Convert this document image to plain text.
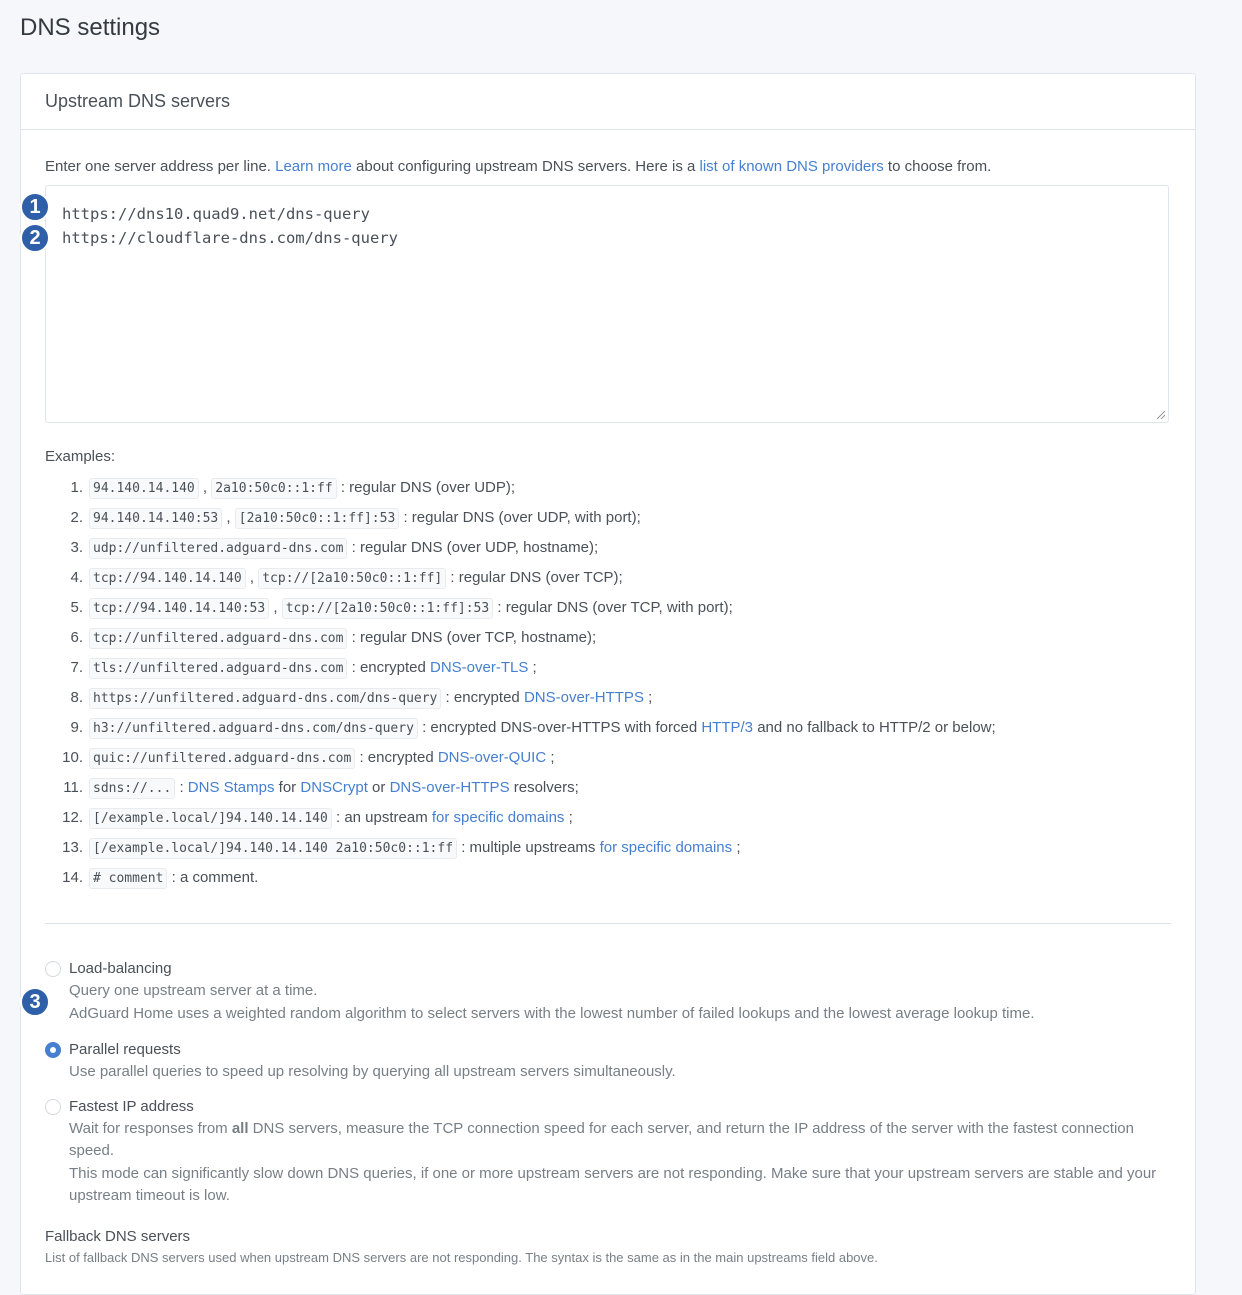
DNS settings
Upstream DNS servers
Enter one server address per line. Learn more about configuring upstream DNS servers. Here is a list of known DNS providers to choose from.
https://dns10.quad9.net/dns-query
https://cloudflare-dns.com/dns-query
Examples:
1. 94.140.14.140 , 2a10:50c0::1:ff : regular DNS (over UDP);
2. 94.140.14.140:53 , [2a10:50c0::1:ff]:53 : regular DNS (over UDP, with port);
3. udp://unfiltered.adguard-dns.com : regular DNS (over UDP, hostname);
4. tcp://94.140.14.140 , tcp://[2a10:50c0::1:ff] : regular DNS (over TCP);
5. tcp://94.140.14.140:53 , tcp://[2a10:50c0::1:ff]:53 : regular DNS (over TCP, with port);
6. tcp://unfiltered.adguard-dns.com : regular DNS (over TCP, hostname);
7. tls://unfiltered.adguard-dns.com : encrypted DNS-over-TLS ;
8. https://unfiltered.adguard-dns.com/dns-query : encrypted DNS-over-HTTPS ;
9. h3://unfiltered.adguard-dns.com/dns-query : encrypted DNS-over-HTTPS with forced HTTP/3 and no fallback to HTTP/2 or below;
10. quic://unfiltered.adguard-dns.com : encrypted DNS-over-QUIC ;
11. sdns://... : DNS Stamps for DNSCrypt or DNS-over-HTTPS resolvers;
12. [/example.local/]94.140.14.140 : an upstream for specific domains ;
13. [/example.local/]94.140.14.140 2a10:50c0::1:ff : multiple upstreams for specific domains ;
14. # comment : a comment.
Load-balancing
Query one upstream server at a time.
AdGuard Home uses a weighted random algorithm to select servers with the lowest number of failed lookups and the lowest average lookup time.
Parallel requests
Use parallel queries to speed up resolving by querying all upstream servers simultaneously.
Fastest IP address
Wait for responses from all DNS servers, measure the TCP connection speed for each server, and return the IP address of the server with the fastest connection speed.
This mode can significantly slow down DNS queries, if one or more upstream servers are not responding. Make sure that your upstream servers are stable and your upstream timeout is low.
Fallback DNS servers
List of fallback DNS servers used when upstream DNS servers are not responding. The syntax is the same as in the main upstreams field above.
1
2
3
